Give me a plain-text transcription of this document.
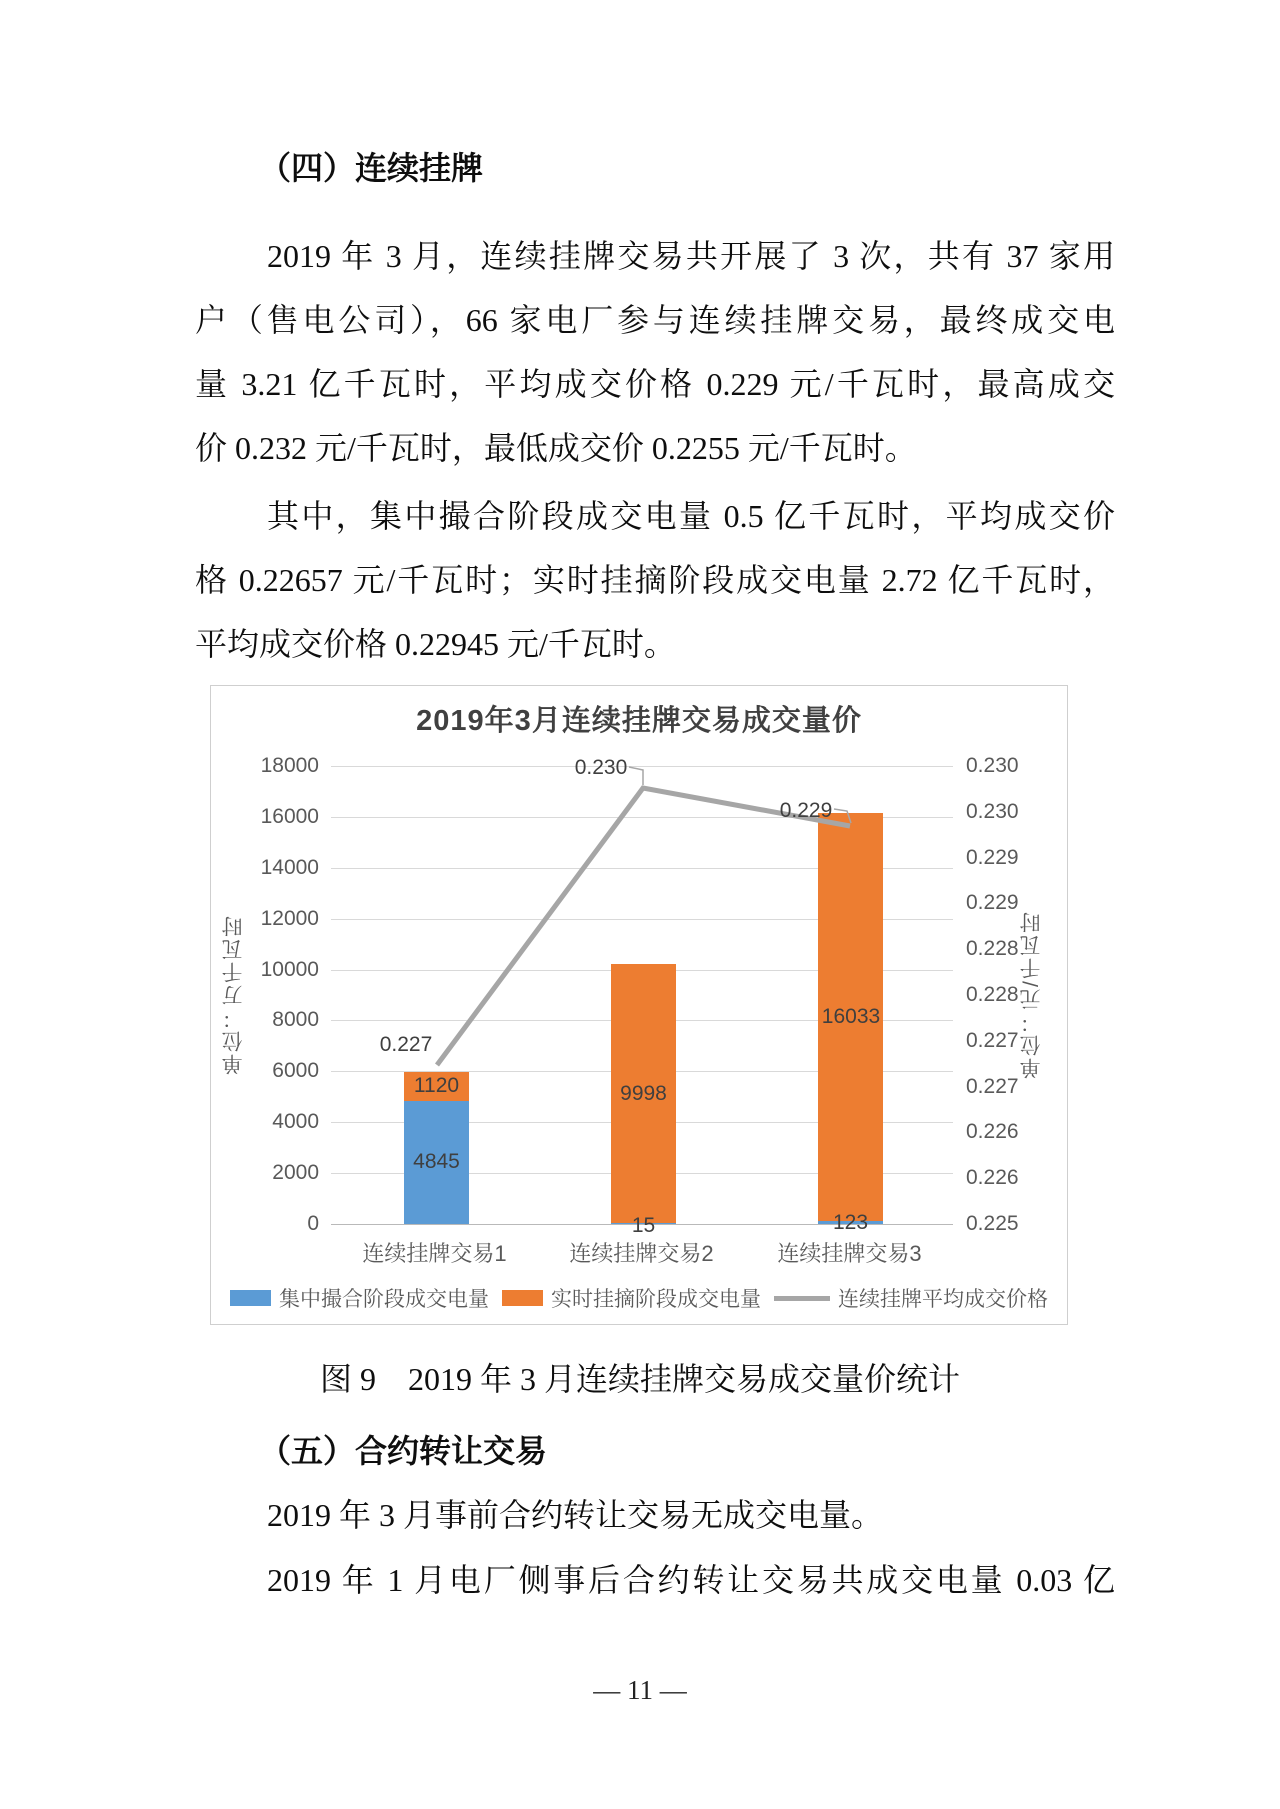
（四）连续挂牌
2019 年 3 月，连续挂牌交易共开展了 3 次，共有 37 家用
户（售电公司），66 家电厂参与连续挂牌交易，最终成交电
量 3.21 亿千瓦时，平均成交价格 0.229 元/千瓦时，最高成交
价 0.232 元/千瓦时，最低成交价 0.2255 元/千瓦时。
其中，集中撮合阶段成交电量 0.5 亿千瓦时，平均成交价
格 0.22657 元/千瓦时；实时挂摘阶段成交电量 2.72 亿千瓦时，
平均成交价格 0.22945 元/千瓦时。
2019年3月连续挂牌交易成交量价
18000
16000
14000
12000
10000
8000
6000
4000
2000
0
0.230
0.230
0.229
0.229
0.228
0.228
0.227
0.227
0.226
0.226
0.225
单位：万千瓦时	单位：元/千瓦时
4845
1120	9998
15
16033
123
0.227
0.230
0.229
连续挂牌交易1	连续挂牌交易2	连续挂牌交易3
集中撮合阶段成交电量	实时挂摘阶段成交电量	连续挂牌平均成交价格
图 9　2019 年 3 月连续挂牌交易成交量价统计
（五）合约转让交易
2019 年 3 月事前合约转让交易无成交电量。
2019 年 1 月电厂侧事后合约转让交易共成交电量 0.03 亿
— 11 —
